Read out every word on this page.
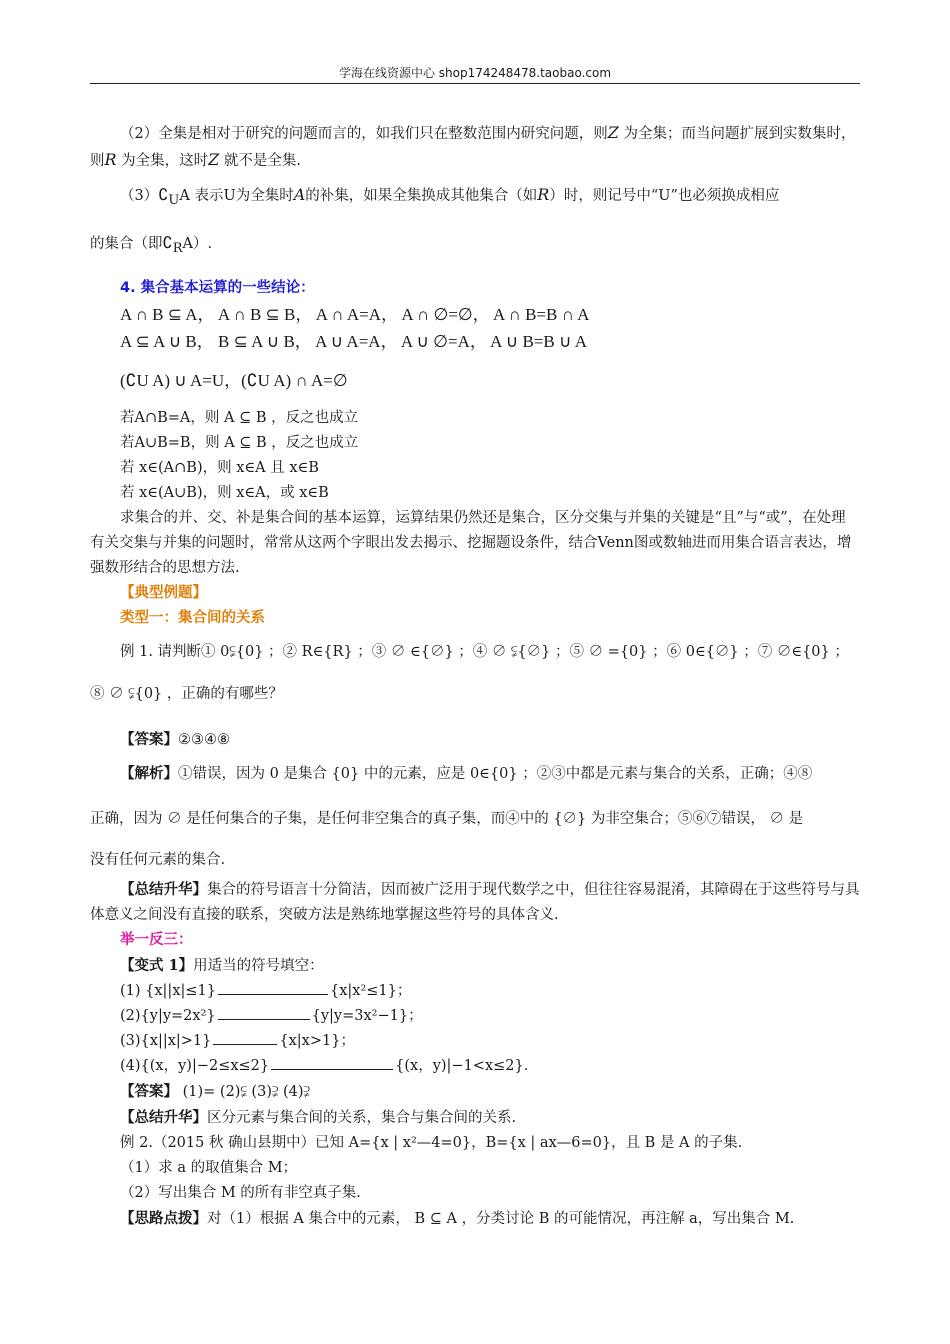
学海在线资源中心 shop174248478.taobao.com

（2）全集是相对于研究的问题而言的，如我们只在整数范围内研究问题，则Z 为全集；而当问题扩展到实数集时，则R 为全集，这时Z 就不是全集.

$(3)∁_UA$ 表示U为全集时A的补集，如果全集换成其他集合（如R）时，则记号中“U”也必须换成相应

的集合（即$∁_RA$）.

4. 集合基本运算的一些结论：

A ∩ B ⊆ A， A ∩ B ⊆ B， A ∩ A=A， A ∩ ∅=∅， A ∩ B=B ∩ A

A ⊆ A ∪ B， B ⊆ A ∪ B， A ∪ A=A， A ∪ ∅=A， A ∪ B=B ∪ A

(∁U A) ∪ A=U，(∁U A) ∩ A=∅

若A∩B=A，则 A ⊆ B ，反之也成立

若A∪B=B，则 A ⊆ B ，反之也成立

若 x∈(A∩B)，则 x∈A 且 x∈B

若 x∈(A∪B)，则 x∈A，或 x∈B

求集合的并、交、补是集合间的基本运算，运算结果仍然还是集合，区分交集与并集的关键是“且”与“或”，在处理有关交集与并集的问题时，常常从这两个字眼出发去揭示、挖掘题设条件，结合Venn图或数轴进而用集合语言表达，增强数形结合的思想方法.

【典型例题】

类型一：集合间的关系

例 1. 请判断① 0⫋{0} ；② R∈{R} ；③ ∅ ∈{∅} ；④ ∅ ⫋{∅} ；⑤ ∅ ={0} ；⑥ 0∈{∅} ；⑦ ∅∈{0} ；

⑧ ∅ ⫋{0} ，正确的有哪些？

【答案】②③④⑧

【解析】①错误，因为 0 是集合 {0} 中的元素，应是 0∈{0} ；②③中都是元素与集合的关系，正确；④⑧

正确，因为 ∅ 是任何集合的子集，是任何非空集合的真子集，而④中的 {∅} 为非空集合；⑤⑥⑦错误， ∅ 是

没有任何元素的集合.

【总结升华】集合的符号语言十分简洁，因而被广泛用于现代数学之中，但往往容易混淆，其障碍在于这些符号与具体意义之间没有直接的联系，突破方法是熟练地掌握这些符号的具体含义.

举一反三：

【变式 1】用适当的符号填空：

(1) {x||x|≤1}	{x|x²≤1}；

(2){y|y=2x²}	{y|y=3x²−1}；

(3){x||x|>1}	{x|x>1}；

(4){(x，y)|−2≤x≤2}	{(x，y)|−1<x≤2}.

【答案】 (1)= (2)⫋ (3)⫌ (4)⫌

【总结升华】区分元素与集合间的关系，集合与集合间的关系.

例 2.（2015 秋 确山县期中）已知 A={x | x²—4=0}，B={x | ax—6=0}，且 B 是 A 的子集.

（1）求 a 的取值集合 M；

（2）写出集合 M 的所有非空真子集.

【思路点拨】对（1）根据 A 集合中的元素， B ⊆ A ，分类讨论 B 的可能情况，再注解 a，写出集合 M.
